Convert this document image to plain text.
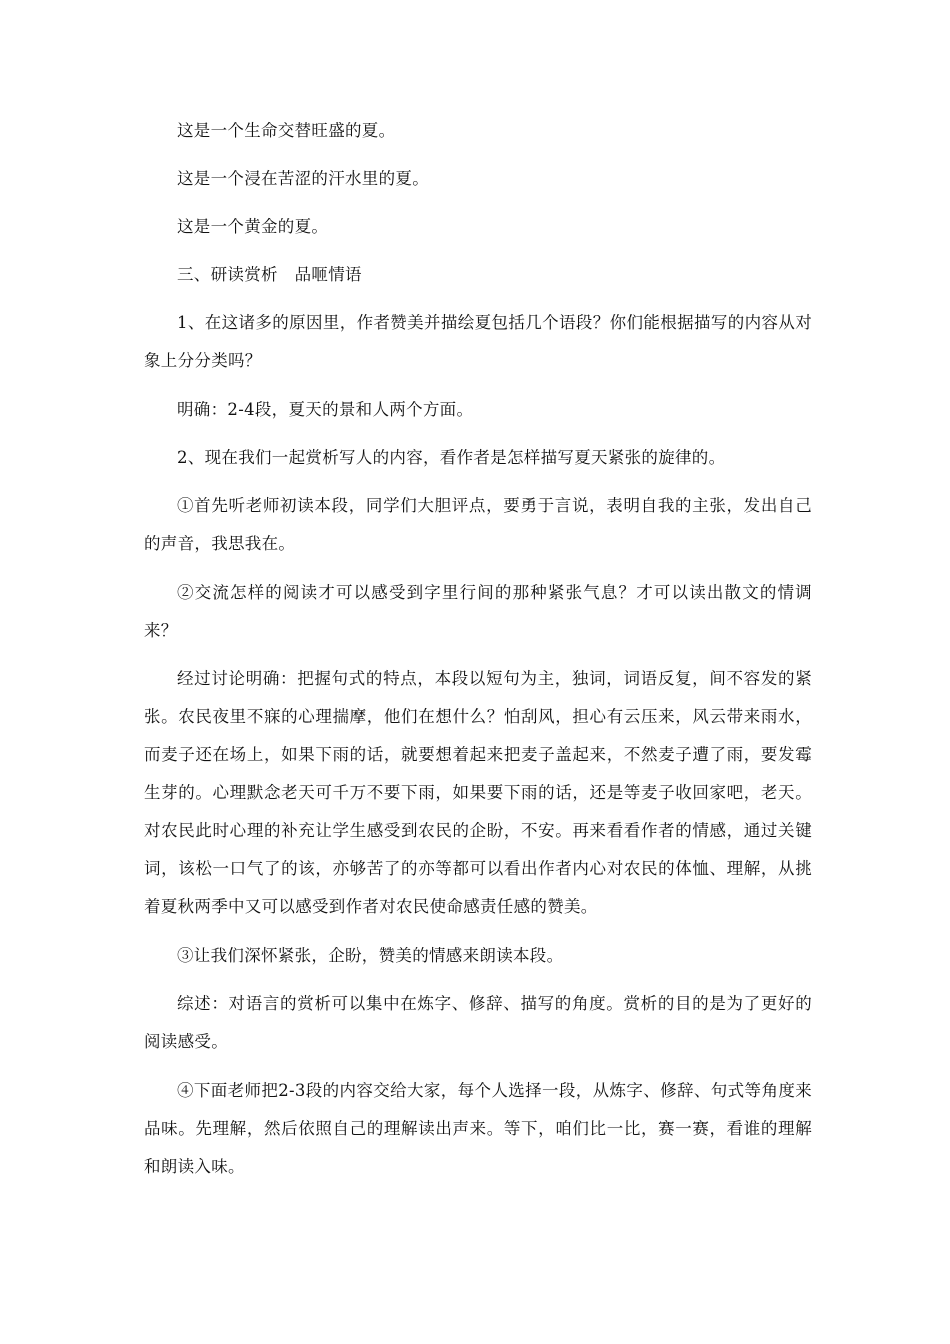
这是一个生命交替旺盛的夏。

这是一个浸在苦涩的汗水里的夏。

这是一个黄金的夏。

三、研读赏析　品咂情语

1、在这诸多的原因里，作者赞美并描绘夏包括几个语段？你们能根据描写的内容从对象上分分类吗？

明确：2-4段，夏天的景和人两个方面。

2、现在我们一起赏析写人的内容，看作者是怎样描写夏天紧张的旋律的。

①首先听老师初读本段，同学们大胆评点，要勇于言说，表明自我的主张，发出自己的声音，我思我在。

②交流怎样的阅读才可以感受到字里行间的那种紧张气息？才可以读出散文的情调来？

经过讨论明确：把握句式的特点，本段以短句为主，独词，词语反复，间不容发的紧张。农民夜里不寐的心理揣摩，他们在想什么？怕刮风，担心有云压来，风云带来雨水，而麦子还在场上，如果下雨的话，就要想着起来把麦子盖起来，不然麦子遭了雨，要发霉生芽的。心理默念老天可千万不要下雨，如果要下雨的话，还是等麦子收回家吧，老天。对农民此时心理的补充让学生感受到农民的企盼，不安。再来看看作者的情感，通过关键词，该松一口气了的该，亦够苦了的亦等都可以看出作者内心对农民的体恤、理解，从挑着夏秋两季中又可以感受到作者对农民使命感责任感的赞美。

③让我们深怀紧张，企盼，赞美的情感来朗读本段。

综述：对语言的赏析可以集中在炼字、修辞、描写的角度。赏析的目的是为了更好的阅读感受。

④下面老师把2-3段的内容交给大家，每个人选择一段，从炼字、修辞、句式等角度来品味。先理解，然后依照自己的理解读出声来。等下，咱们比一比，赛一赛，看谁的理解和朗读入味。
